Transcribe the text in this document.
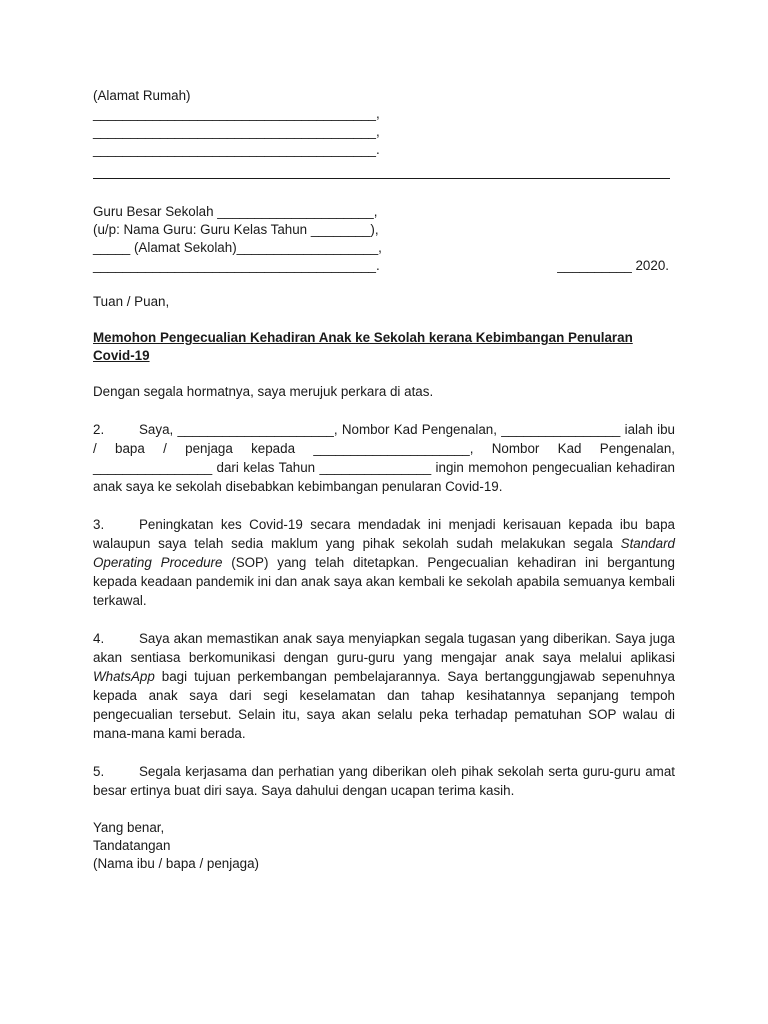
(Alamat Rumah)
______________________________________,
______________________________________,
______________________________________.
Guru Besar Sekolah _____________________,
(u/p: Nama Guru: Guru Kelas Tahun ________),
_____ (Alamat Sekolah)___________________,
______________________________________.	__________ 2020.
Tuan / Puan,
Memohon Pengecualian Kehadiran Anak ke Sekolah kerana Kebimbangan Penularan Covid-19
Dengan segala hormatnya, saya merujuk perkara di atas.
2.	Saya, _____________________, Nombor Kad Pengenalan, ________________ ialah ibu / bapa / penjaga kepada _____________________, Nombor Kad Pengenalan, ________________ dari kelas Tahun _______________ ingin memohon pengecualian kehadiran anak saya ke sekolah disebabkan kebimbangan penularan Covid-19.
3.	Peningkatan kes Covid-19 secara mendadak ini menjadi kerisauan kepada ibu bapa walaupun saya telah sedia maklum yang pihak sekolah sudah melakukan segala Standard Operating Procedure (SOP) yang telah ditetapkan. Pengecualian kehadiran ini bergantung kepada keadaan pandemik ini dan anak saya akan kembali ke sekolah apabila semuanya kembali terkawal.
4.	Saya akan memastikan anak saya menyiapkan segala tugasan yang diberikan. Saya juga akan sentiasa berkomunikasi dengan guru-guru yang mengajar anak saya melalui aplikasi WhatsApp bagi tujuan perkembangan pembelajarannya. Saya bertanggungjawab sepenuhnya kepada anak saya dari segi keselamatan dan tahap kesihatannya sepanjang tempoh pengecualian tersebut. Selain itu, saya akan selalu peka terhadap pematuhan SOP walau di mana-mana kami berada.
5.	Segala kerjasama dan perhatian yang diberikan oleh pihak sekolah serta guru-guru amat besar ertinya buat diri saya. Saya dahului dengan ucapan terima kasih.
Yang benar,
Tandatangan
(Nama ibu / bapa / penjaga)
